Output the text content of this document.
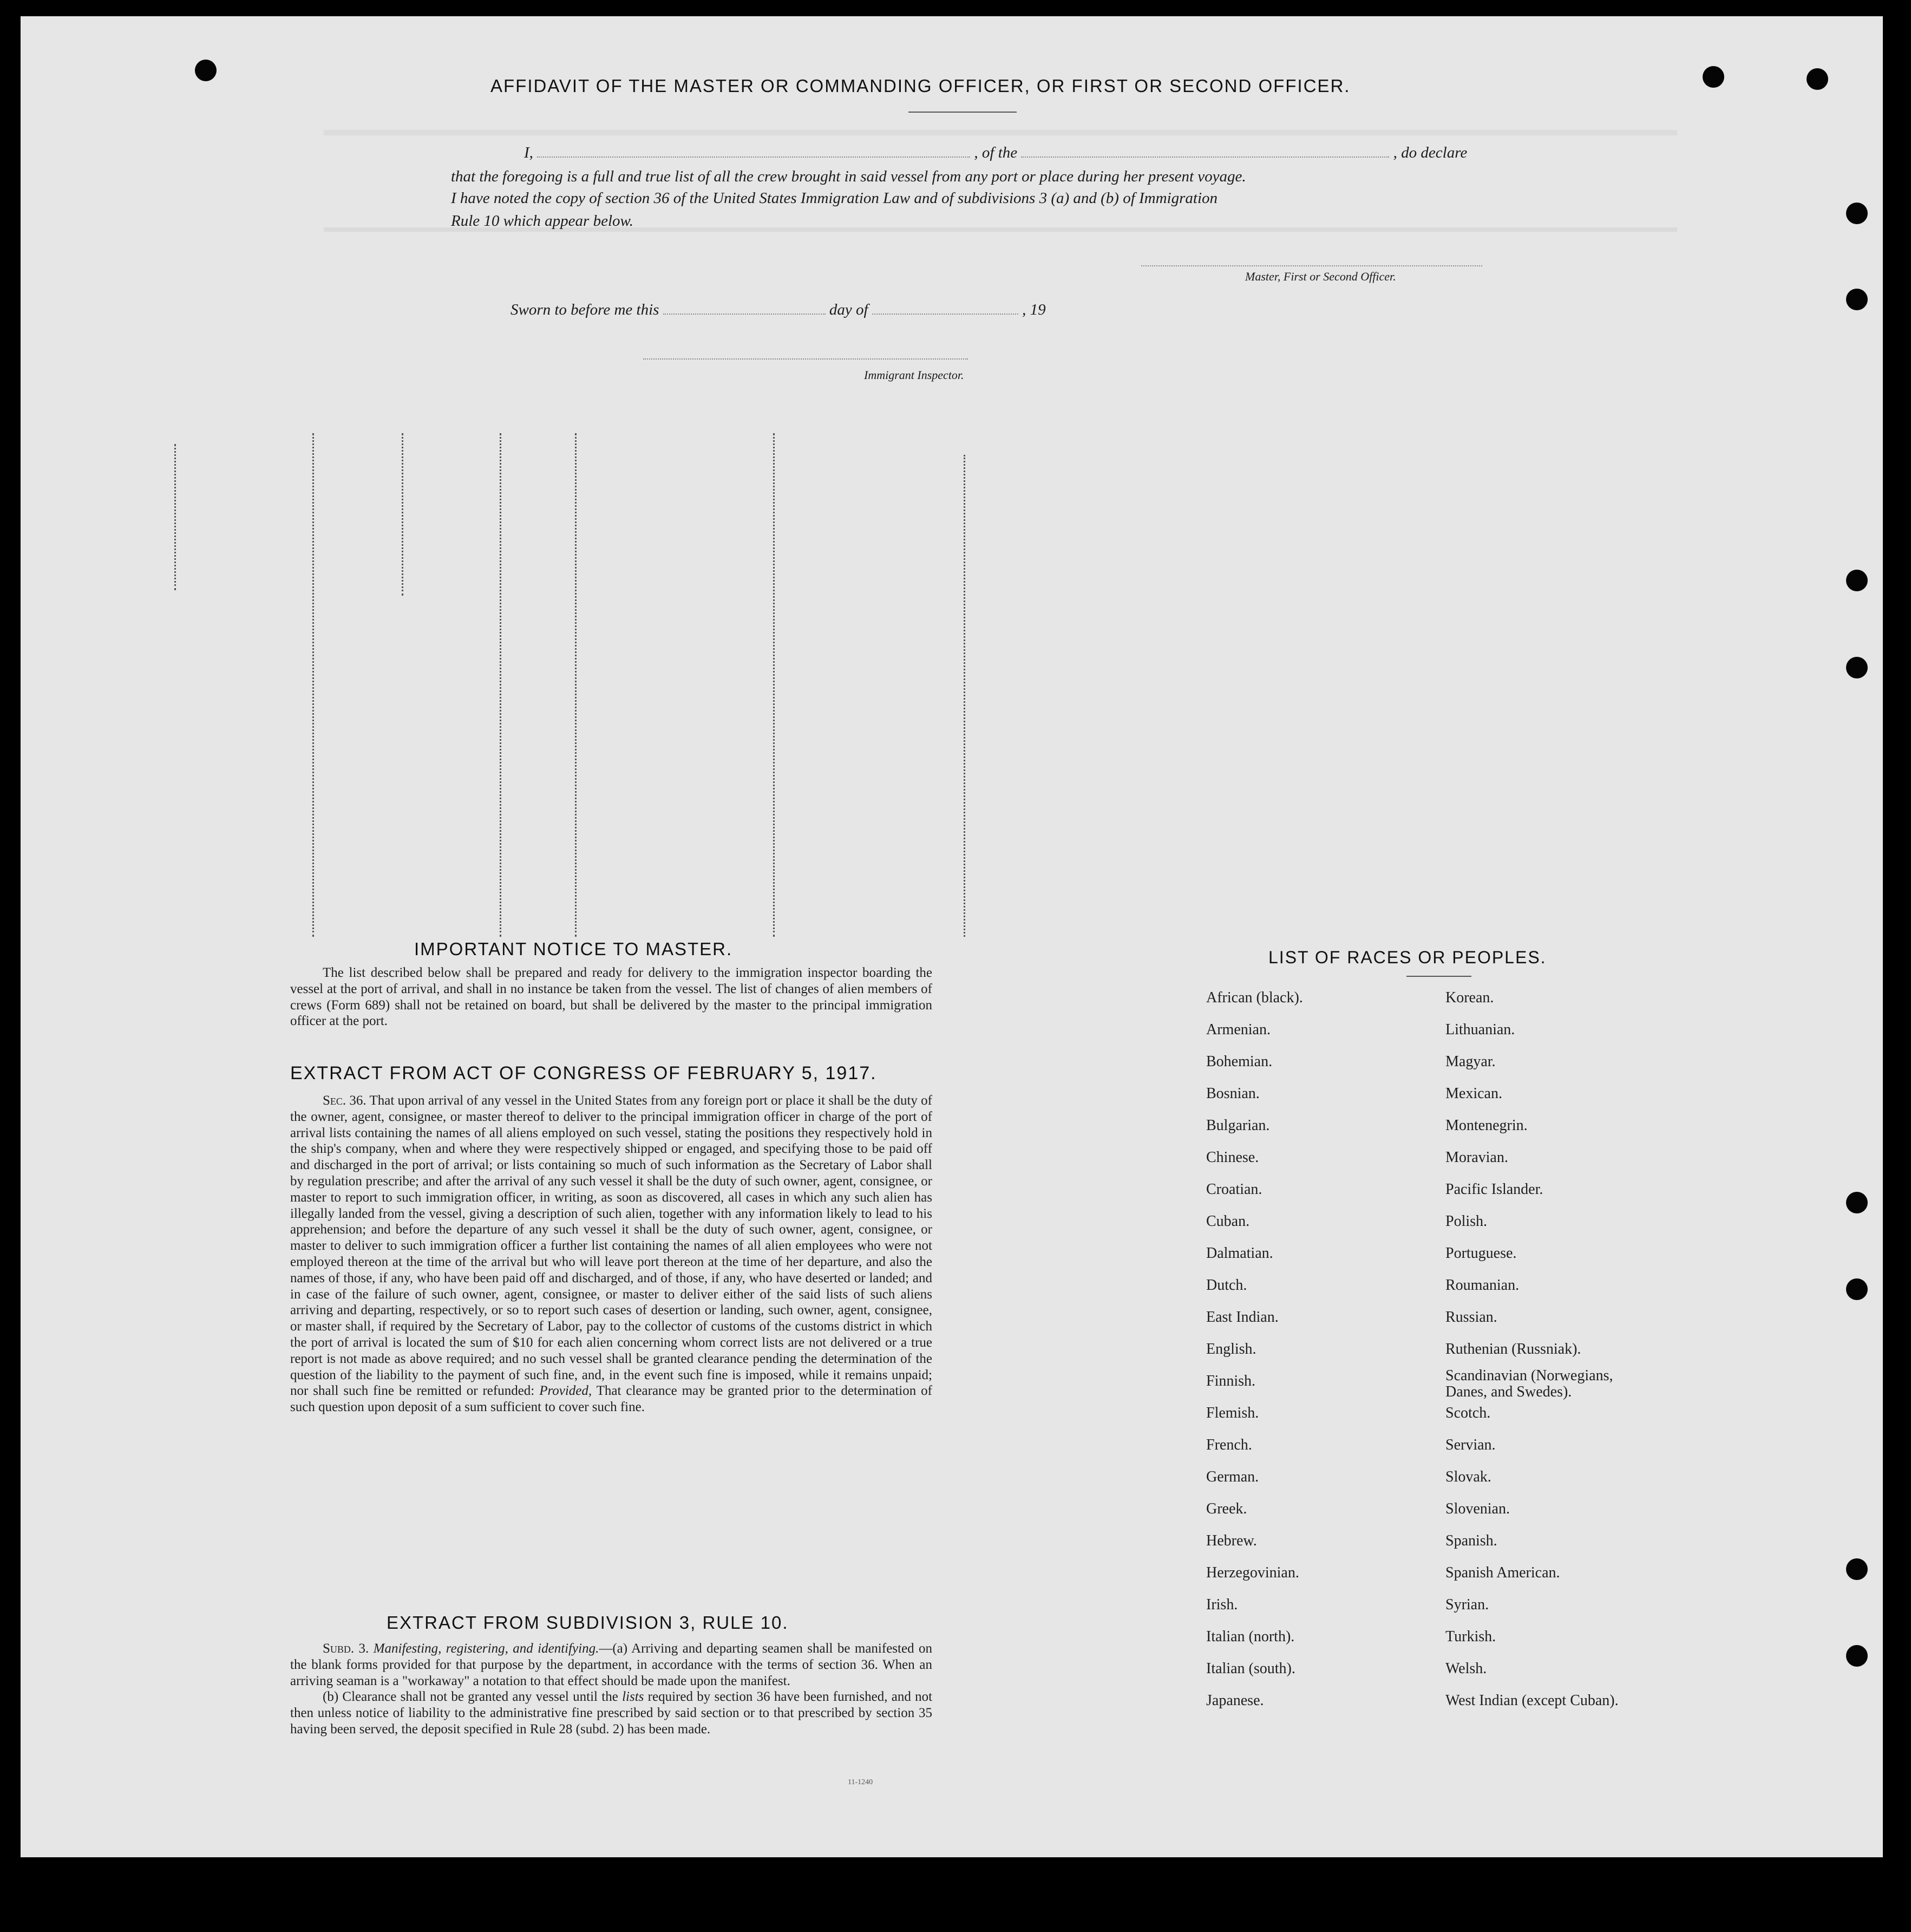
AFFIDAVIT OF THE MASTER OR COMMANDING OFFICER, OR FIRST OR SECOND OFFICER.
I,	, of the	, do declare
that the foregoing is a full and true list of all the crew brought in said vessel from any port or place during her present voyage.
I have noted the copy of section 36 of the United States Immigration Law and of subdivisions 3 (a) and (b) of Immigration
Rule 10 which appear below.
Master, First or Second Officer.
Sworn to before me this	day of	, 19
Immigrant Inspector.
IMPORTANT NOTICE TO MASTER.

The list described below shall be prepared and ready for delivery to the immigration inspector boarding the vessel at the port of arrival, and shall in no instance be taken from the vessel. The list of changes of alien members of crews (Form 689) shall not be retained on board, but shall be delivered by the master to the principal immigration officer at the port.

EXTRACT FROM ACT OF CONGRESS OF FEBRUARY 5, 1917.

Sec. 36. That upon arrival of any vessel in the United States from any foreign port or place it shall be the duty of the owner, agent, consignee, or master thereof to deliver to the principal immigration officer in charge of the port of arrival lists containing the names of all aliens employed on such vessel, stating the positions they respectively hold in the ship's company, when and where they were respectively shipped or engaged, and specifying those to be paid off and discharged in the port of arrival; or lists containing so much of such information as the Secretary of Labor shall by regulation prescribe; and after the arrival of any such vessel it shall be the duty of such owner, agent, consignee, or master to report to such immigration officer, in writing, as soon as discovered, all cases in which any such alien has illegally landed from the vessel, giving a description of such alien, together with any information likely to lead to his apprehension; and before the departure of any such vessel it shall be the duty of such owner, agent, consignee, or master to deliver to such immigration officer a further list containing the names of all alien employees who were not employed thereon at the time of the arrival but who will leave port thereon at the time of her departure, and also the names of those, if any, who have been paid off and discharged, and of those, if any, who have deserted or landed; and in case of the failure of such owner, agent, consignee, or master to deliver either of the said lists of such aliens arriving and departing, respectively, or so to report such cases of desertion or landing, such owner, agent, consignee, or master shall, if required by the Secretary of Labor, pay to the collector of customs of the customs district in which the port of arrival is located the sum of $10 for each alien concerning whom correct lists are not delivered or a true report is not made as above required; and no such vessel shall be granted clearance pending the determination of the question of the liability to the payment of such fine, and, in the event such fine is imposed, while it remains unpaid; nor shall such fine be remitted or refunded: Provided, That clearance may be granted prior to the determination of such question upon deposit of a sum sufficient to cover such fine.

EXTRACT FROM SUBDIVISION 3, RULE 10.

Subd. 3. Manifesting, registering, and identifying.—(a) Arriving and departing seamen shall be manifested on the blank forms provided for that purpose by the department, in accordance with the terms of section 36. When an arriving seaman is a "workaway" a notation to that effect should be made upon the manifest.

(b) Clearance shall not be granted any vessel until the lists required by section 36 have been furnished, and not then unless notice of liability to the administrative fine prescribed by said section or to that prescribed by section 35 having been served, the deposit specified in Rule 28 (subd. 2) has been made.

11-1240
LIST OF RACES OR PEOPLES.
African (black).
Armenian.
Bohemian.
Bosnian.
Bulgarian.
Chinese.
Croatian.
Cuban.
Dalmatian.
Dutch.
East Indian.
English.
Finnish.
Flemish.
French.
German.
Greek.
Hebrew.
Herzegovinian.
Irish.
Italian (north).
Italian (south).
Japanese.
Korean.
Lithuanian.
Magyar.
Mexican.
Montenegrin.
Moravian.
Pacific Islander.
Polish.
Portuguese.
Roumanian.
Russian.
Ruthenian (Russniak).
Scandinavian (Norwegians,
Danes, and Swedes).
Scotch.
Servian.
Slovak.
Slovenian.
Spanish.
Spanish American.
Syrian.
Turkish.
Welsh.
West Indian (except Cuban).
